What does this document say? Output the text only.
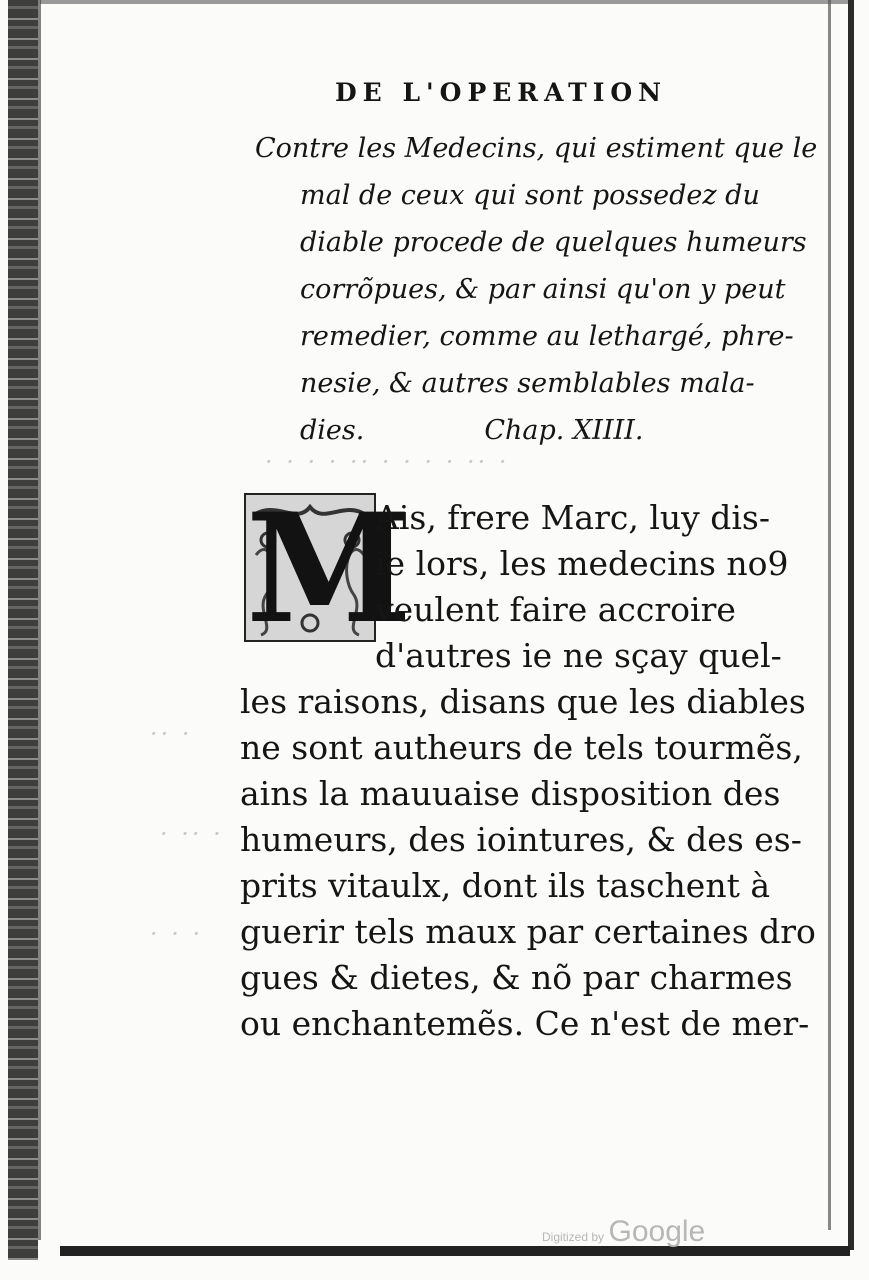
· · · · ·· · · · · ·· ·
·· ·
· ·· ·
· · ·
DE L'OPERATION
Contre les Medecins, qui estiment que le
mal de ceux qui sont possedez du
diable procede de quelques humeurs
corrõpues, & par ainsi qu'on y peut
remedier, comme au lethargé, phre-
nesie, & autres semblables mala-
dies.	Chap. XIIII.
M
Ais, frere Marc, luy dis-
ie lors, les medecins no9
veulent faire accroire
d'autres ie ne sçay quel-
les raisons, disans que les diables
ne sont autheurs de tels tourmẽs,
ains la mauuaise disposition des
humeurs, des iointures, & des es-
prits vitaulx, dont ils taschent à
guerir tels maux par certaines dro
gues & dietes, & nõ par charmes
ou enchantemẽs. Ce n'est de mer-
Digitized by Google
